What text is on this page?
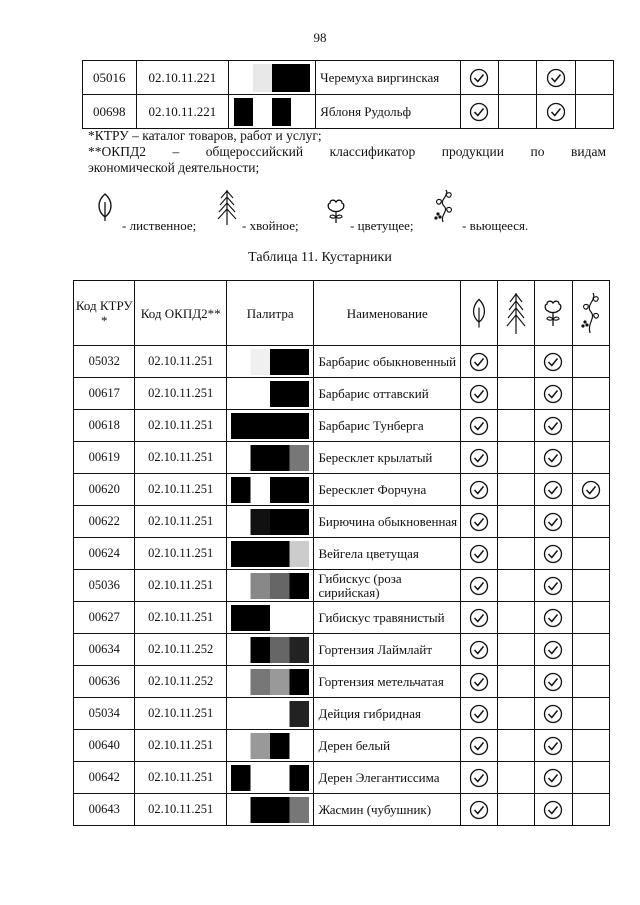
98
05016	02.10.11.221		Черемуха виргинская				
00698	02.10.11.221		Яблоня Рудольф				
*КТРУ – каталог товаров, работ и услуг;
**ОКПД2 – общероссийский классификатор продукции по видам
экономической деятельности;
- лиственное;	- хвойное;	- цветущее;	- вьющееся.
Таблица 11. Кустарники
Код КТРУ *	Код ОКПД2**	Палитра	Наименование	

05032	02.10.11.251		Барбарис обыкновенный				
00617	02.10.11.251		Барбарис оттавский				
00618	02.10.11.251		Барбарис Тунберга				
00619	02.10.11.251		Бересклет крылатый				
00620	02.10.11.251		Бересклет Форчуна				
00622	02.10.11.251		Бирючина обыкновенная				
00624	02.10.11.251		Вейгела цветущая				
05036	02.10.11.251		Гибискус (роза сирийская)				
00627	02.10.11.251		Гибискус травянистый				
00634	02.10.11.252		Гортензия Лаймлайт				
00636	02.10.11.252		Гортензия метельчатая				
05034	02.10.11.251		Дейция гибридная				
00640	02.10.11.251		Дерен белый				
00642	02.10.11.251		Дерен Элегантиссима				
00643	02.10.11.251		Жасмин (чубушник)				
